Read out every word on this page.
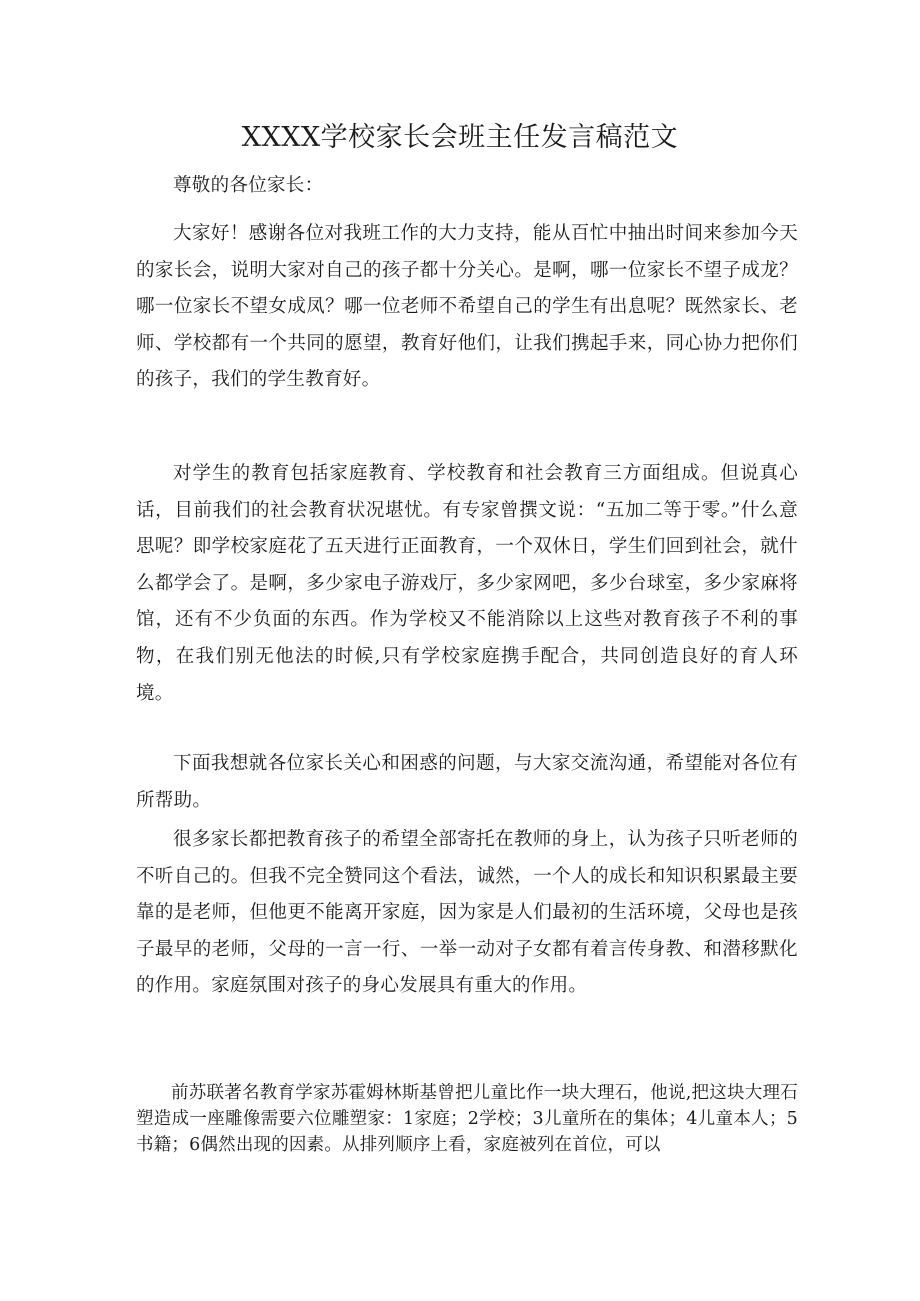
XXXX学校家长会班主任发言稿范文

尊敬的各位家长：

大家好！感谢各位对我班工作的大力支持，能从百忙中抽出时间来参加今天的家长会，说明大家对自己的孩子都十分关心。是啊，哪一位家长不望子成龙？哪一位家长不望女成凤？哪一位老师不希望自己的学生有出息呢？既然家长、老师、学校都有一个共同的愿望，教育好他们，让我们携起手来，同心协力把你们的孩子，我们的学生教育好。

对学生的教育包括家庭教育、学校教育和社会教育三方面组成。但说真心话，目前我们的社会教育状况堪忧。有专家曾撰文说：“五加二等于零。”什么意思呢？即学校家庭花了五天进行正面教育，一个双休日，学生们回到社会，就什么都学会了。是啊，多少家电子游戏厅，多少家网吧，多少台球室，多少家麻将馆，还有不少负面的东西。作为学校又不能消除以上这些对教育孩子不利的事物，在我们别无他法的时候,只有学校家庭携手配合，共同创造良好的育人环境。

下面我想就各位家长关心和困惑的问题，与大家交流沟通，希望能对各位有所帮助。

很多家长都把教育孩子的希望全部寄托在教师的身上，认为孩子只听老师的不听自己的。但我不完全赞同这个看法，诚然，一个人的成长和知识积累最主要靠的是老师，但他更不能离开家庭，因为家是人们最初的生活环境，父母也是孩子最早的老师，父母的一言一行、一举一动对子女都有着言传身教、和潜移默化的作用。家庭氛围对孩子的身心发展具有重大的作用。

前苏联著名教育学家苏霍姆林斯基曾把儿童比作一块大理石，他说,把这块大理石塑造成一座雕像需要六位雕塑家：1家庭；2学校；3儿童所在的集体；4儿童本人；5书籍；6偶然出现的因素。从排列顺序上看，家庭被列在首位，可以
